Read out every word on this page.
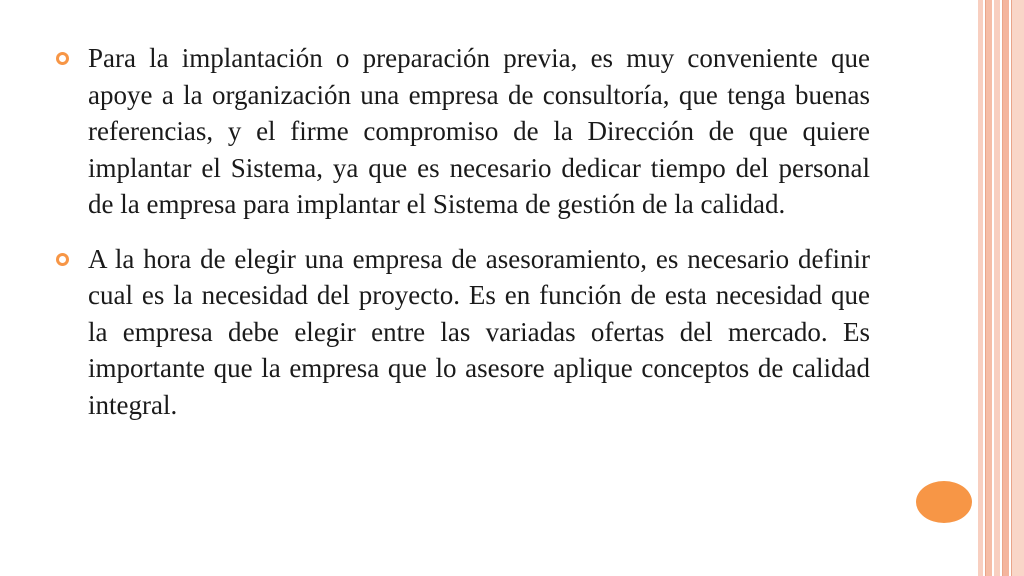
Para la implantación o preparación previa, es muy conveniente que apoye a la organización una empresa de consultoría, que tenga buenas referencias, y el firme compromiso de la Dirección de que quiere implantar el Sistema, ya que es necesario dedicar tiempo del personal de la empresa para implantar el Sistema de gestión de la calidad.
A la hora de elegir una empresa de asesoramiento, es necesario definir cual es la necesidad del proyecto. Es en función de esta necesidad que la empresa debe elegir entre las variadas ofertas del mercado. Es importante que la empresa que lo asesore aplique conceptos de calidad integral.
